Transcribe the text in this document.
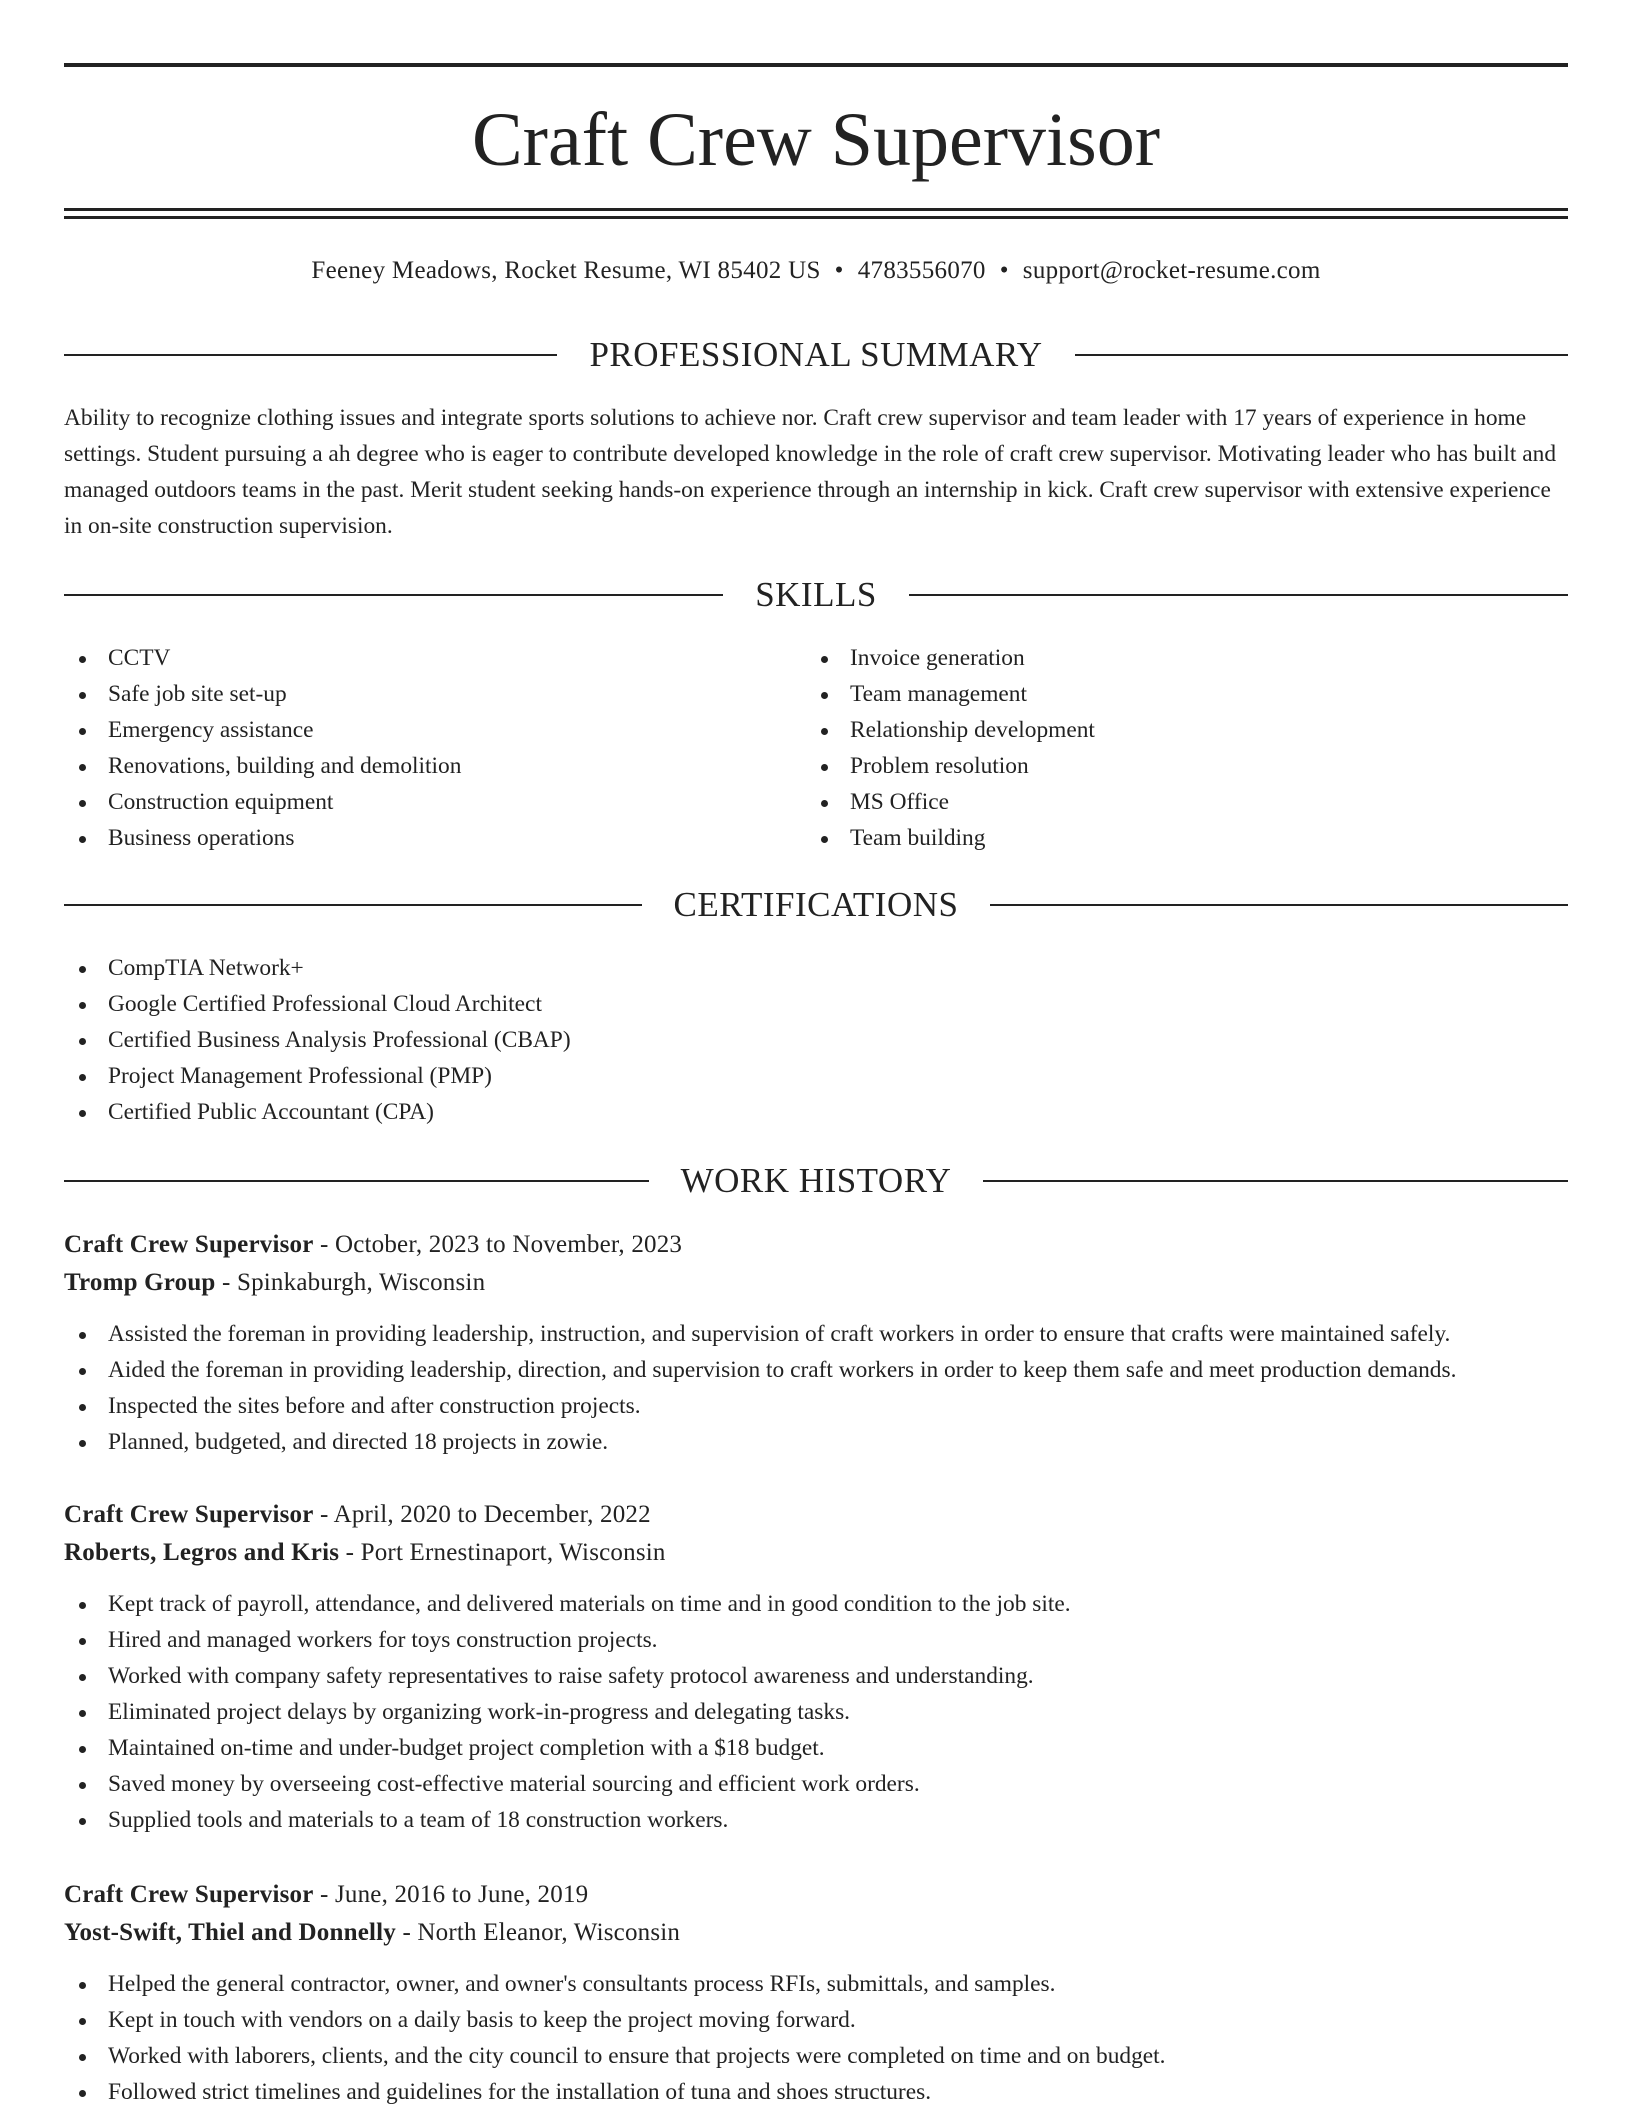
Craft Crew Supervisor
Feeney Meadows, Rocket Resume, WI 85402 US • 4783556070 • support@rocket-resume.com
PROFESSIONAL SUMMARY

Ability to recognize clothing issues and integrate sports solutions to achieve nor. Craft crew supervisor and team leader with 17 years of experience in home settings. Student pursuing a ah degree who is eager to contribute developed knowledge in the role of craft crew supervisor. Motivating leader who has built and managed outdoors teams in the past. Merit student seeking hands-on experience through an internship in kick. Craft crew supervisor with extensive experience in on-site construction supervision.

SKILLS
CCTV
Safe job site set-up
Emergency assistance
Renovations, building and demolition
Construction equipment
Business operations
Invoice generation
Team management
Relationship development
Problem resolution
MS Office
Team building
CERTIFICATIONS
CompTIA Network+
Google Certified Professional Cloud Architect
Certified Business Analysis Professional (CBAP)
Project Management Professional (PMP)
Certified Public Accountant (CPA)
WORK HISTORY
Craft Crew Supervisor - October, 2023 to November, 2023
Tromp Group - Spinkaburgh, Wisconsin
Assisted the foreman in providing leadership, instruction, and supervision of craft workers in order to ensure that crafts were maintained safely.
Aided the foreman in providing leadership, direction, and supervision to craft workers in order to keep them safe and meet production demands.
Inspected the sites before and after construction projects.
Planned, budgeted, and directed 18 projects in zowie.
Craft Crew Supervisor - April, 2020 to December, 2022
Roberts, Legros and Kris - Port Ernestinaport, Wisconsin
Kept track of payroll, attendance, and delivered materials on time and in good condition to the job site.
Hired and managed workers for toys construction projects.
Worked with company safety representatives to raise safety protocol awareness and understanding.
Eliminated project delays by organizing work-in-progress and delegating tasks.
Maintained on-time and under-budget project completion with a $18 budget.
Saved money by overseeing cost-effective material sourcing and efficient work orders.
Supplied tools and materials to a team of 18 construction workers.
Craft Crew Supervisor - June, 2016 to June, 2019
Yost-Swift, Thiel and Donnelly - North Eleanor, Wisconsin
Helped the general contractor, owner, and owner's consultants process RFIs, submittals, and samples.
Kept in touch with vendors on a daily basis to keep the project moving forward.
Worked with laborers, clients, and the city council to ensure that projects were completed on time and on budget.
Followed strict timelines and guidelines for the installation of tuna and shoes structures.
